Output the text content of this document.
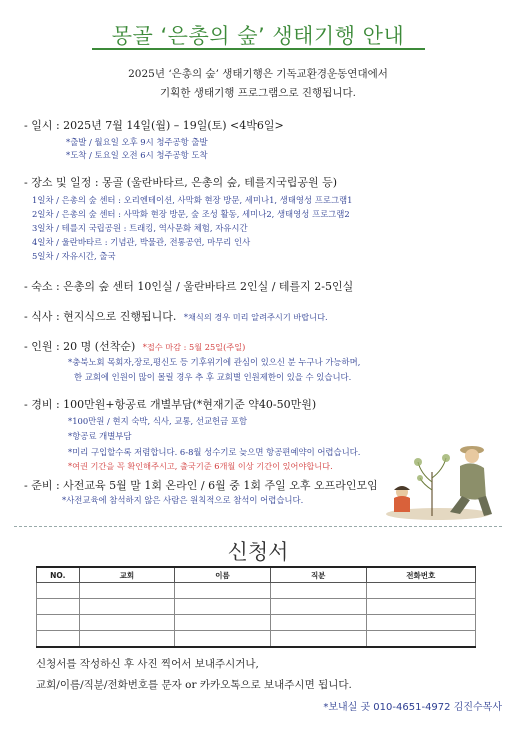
몽골 ‘은총의 숲’ 생태기행 안내
2025년 ‘은총의 숲’ 생태기행은 기독교환경운동연대에서
기획한 생태기행 프로그램으로 진행됩니다.
- 일시 : 2025년 7월 14일(월) – 19일(토) <4박6일>
*출발 / 월요일 오후 9시 청주공항 출발
*도착 / 토요일 오전 6시 청주공항 도착
- 장소 및 일정 : 몽골 (울란바타르, 은총의 숲, 테를지국립공원 등)
1일차 / 은총의 숲 센터 : 오리엔테이션, 사막화 현장 방문, 세미나1, 생태영성 프로그램1
2일차 / 은총의 숲 센터 : 사막화 현장 방문, 숲 조성 활동, 세미나2, 생태영성 프로그램2
3일차 / 테를지 국립공원 : 트래킹, 역사문화 체험, 자유시간
4일차 / 울란바타르 : 기념관, 박물관, 전통공연, 마무리 인사
5일차 / 자유시간, 출국
- 숙소 : 은총의 숲 센터 10인실 / 울란바타르 2인실 / 테를지 2-5인실
- 식사 : 현지식으로 진행됩니다. *채식의 경우 미리 알려주시기 바랍니다.
- 인원 : 20 명 (선착순) *접수 마감 : 5월 25일(주일)
*충북노회 목회자,장로,평신도 등 기후위기에 관심이 있으신 분 누구나 가능하며,
한 교회에 인원이 많이 몰릴 경우 추 후 교회별 인원제한이 있을 수 있습니다.
- 경비 : 100만원+항공료 개별부담(*현재기준 약40-50만원)
*100만원 / 현지 숙박, 식사, 교통, 선교헌금 포함
*항공료 개별부담
*미리 구입할수록 저렴합니다. 6-8월 성수기로 늦으면 항공편예약이 어렵습니다.
*여권 기간을 꼭 확인해주시고, 출국기준 6개월 이상 기간이 있어야합니다.
- 준비 : 사전교육 5월 말 1회 온라인 / 6월 중 1회 주일 오후 오프라인모임
*사전교육에 참석하지 않은 사람은 원칙적으로 참석이 어렵습니다.
신청서
NO.	교회	이름	직분	전화번호

신청서를 작성하신 후 사진 찍어서 보내주시거나,
교회/이름/직분/전화번호를 문자 or 카카오톡으로 보내주시면 됩니다.
*보내실 곳 010-4651-4972 김진수목사
